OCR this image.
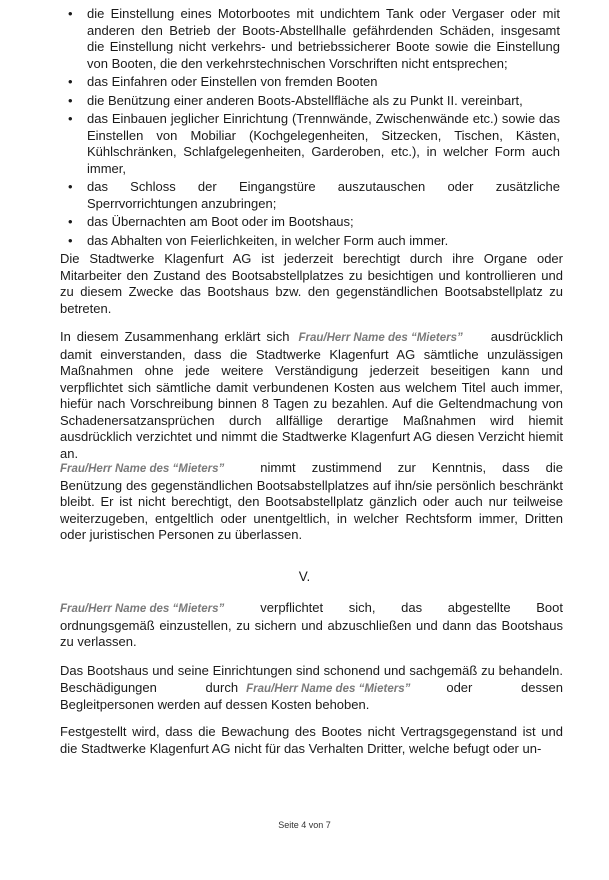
• die Einstellung eines Motorbootes mit undichtem Tank oder Vergaser oder mit anderen den Betrieb der Boots-Abstellhalle gefährdenden Schäden, insgesamt die Einstellung nicht verkehrs- und betriebssicherer Boote sowie die Einstellung von Booten, die den verkehrstechnischen Vorschriften nicht entsprechen;
• das Einfahren oder Einstellen von fremden Booten
• die Benützung einer anderen Boots-Abstellfläche als zu Punkt II. vereinbart,
• das Einbauen jeglicher Einrichtung (Trennwände, Zwischenwände etc.) sowie das Einstellen von Mobiliar (Kochgelegenheiten, Sitzecken, Tischen, Kästen, Kühlschränken, Schlafgelegenheiten, Garderoben, etc.), in welcher Form auch immer,
• das Schloss der Eingangstüre auszutauschen oder zusätzliche Sperrvorrichtungen anzubringen;
• das Übernachten am Boot oder im Bootshaus;
• das Abhalten von Feierlichkeiten, in welcher Form auch immer.

Die Stadtwerke Klagenfurt AG ist jederzeit berechtigt durch ihre Organe oder Mitarbeiter den Zustand des Bootsabstellplatzes zu besichtigen und kontrollieren und zu diesem Zwecke das Bootshaus bzw. den gegenständlichen Bootsabstellplatz zu betreten.

In diesem Zusammenhang erklärt sich Frau/Herr Name des “Mieters” ausdrücklich damit einverstanden, dass die Stadtwerke Klagenfurt AG sämtliche unzulässigen Maßnahmen ohne jede weitere Verständigung jederzeit beseitigen kann und verpflichtet sich sämtliche damit verbundenen Kosten aus welchem Titel auch immer, hiefür nach Vorschreibung binnen 8 Tagen zu bezahlen. Auf die Geltendmachung von Schadenersatzansprüchen durch allfällige derartige Maßnahmen wird hiemit ausdrücklich verzichtet und nimmt die Stadtwerke Klagenfurt AG diesen Verzicht hiemit an.

Frau/Herr Name des “Mieters”	nimmt zustimmend zur Kenntnis, dass die Benützung des gegenständlichen Bootsabstellplatzes auf ihn/sie persönlich beschränkt bleibt. Er ist nicht berechtigt, den Bootsabstellplatz gänzlich oder auch nur teilweise weiterzugeben, entgeltlich oder unentgeltlich, in welcher Rechtsform immer, Dritten oder juristischen Personen zu überlassen.

V.

Frau/Herr Name des “Mieters”	verpflichtet sich, das abgestellte Boot ordnungsgemäß einzustellen, zu sichern und abzuschließen und dann das Bootshaus zu verlassen.

Das Bootshaus und seine Einrichtungen sind schonend und sachgemäß zu behandeln. Beschädigungen durch Frau/Herr Name des “Mieters”	oder dessen Begleitpersonen werden auf dessen Kosten behoben.

Festgestellt wird, dass die Bewachung des Bootes nicht Vertragsgegenstand ist und die Stadtwerke Klagenfurt AG nicht für das Verhalten Dritter, welche befugt oder un-

Seite 4 von 7
